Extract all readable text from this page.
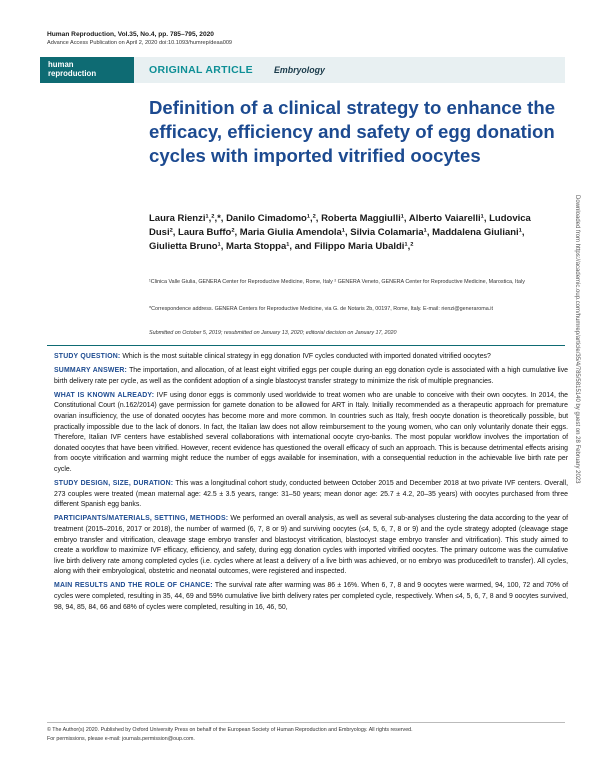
Human Reproduction, Vol.35, No.4, pp. 785–795, 2020
Advance Access Publication on April 2, 2020 doi:10.1093/humrep/deaa009
human
reproduction	ORIGINAL ARTICLE Embryology
Definition of a clinical strategy to enhance the efficacy, efficiency and safety of egg donation cycles with imported vitrified oocytes
Laura Rienzi¹,²,*, Danilo Cimadomo¹,², Roberta Maggiulli¹, Alberto Vaiarelli¹, Ludovica Dusi², Laura Buffo², Maria Giulia Amendola¹, Silvia Colamaria¹, Maddalena Giuliani¹, Giulietta Bruno¹, Marta Stoppa¹, and Filippo Maria Ubaldi¹,²
¹Clinica Valle Giulia, GENERA Center for Reproductive Medicine, Rome, Italy ² GENERA Veneto, GENERA Center for Reproductive Medicine, Marostica, Italy
*Correspondence address. GENERA Centers for Reproductive Medicine, via G. de Notaris 2b, 00197, Rome, Italy. E-mail: rienzi@generaroma.it
Submitted on October 5, 2019; resubmitted on January 13, 2020; editorial decision on January 17, 2020

STUDY QUESTION: Which is the most suitable clinical strategy in egg donation IVF cycles conducted with imported donated vitrified oocytes?

SUMMARY ANSWER: The importation, and allocation, of at least eight vitrified eggs per couple during an egg donation cycle is associated with a high cumulative live birth delivery rate per cycle, as well as the confident adoption of a single blastocyst transfer strategy to minimize the risk of multiple pregnancies.

WHAT IS KNOWN ALREADY: IVF using donor eggs is commonly used worldwide to treat women who are unable to conceive with their own oocytes. In 2014, the Constitutional Court (n.162/2014) gave permission for gamete donation to be allowed for ART in Italy. Initially recommended as a therapeutic approach for premature ovarian insufficiency, the use of donated oocytes has become more and more common. In countries such as Italy, fresh oocyte donation is theoretically possible, but practically impossible due to the lack of donors. In fact, the Italian law does not allow reimbursement to the young women, who can only voluntarily donate their eggs. Therefore, Italian IVF centers have established several collaborations with international oocyte cryo-banks. The most popular workflow involves the importation of donated oocytes that have been vitrified. However, recent evidence has questioned the overall efficacy of such an approach. This is because detrimental effects arising from oocyte vitrification and warming might reduce the number of eggs available for insemination, with a consequential reduction in the achievable live birth rate per cycle.

STUDY DESIGN, SIZE, DURATION: This was a longitudinal cohort study, conducted between October 2015 and December 2018 at two private IVF centers. Overall, 273 couples were treated (mean maternal age: 42.5 ± 3.5 years, range: 31–50 years; mean donor age: 25.7 ± 4.2, 20–35 years) with oocytes purchased from three different Spanish egg banks.

PARTICIPANTS/MATERIALS, SETTING, METHODS: We performed an overall analysis, as well as several sub-analyses clustering the data according to the year of treatment (2015–2016, 2017 or 2018), the number of warmed (6, 7, 8 or 9) and surviving oocytes (≤4, 5, 6, 7, 8 or 9) and the cycle strategy adopted (cleavage stage embryo transfer and vitrification, cleavage stage embryo transfer and blastocyst vitrification, blastocyst stage embryo transfer and vitrification). This study aimed to create a workflow to maximize IVF efficacy, efficiency, and safety, during egg donation cycles with imported vitrified oocytes. The primary outcome was the cumulative live birth delivery rate among completed cycles (i.e. cycles where at least a delivery of a live birth was achieved, or no embryo was produced/left to transfer). All cycles, along with their embryological, obstetric and neonatal outcomes, were registered and inspected.

MAIN RESULTS AND THE ROLE OF CHANCE: The survival rate after warming was 86 ± 16%. When 6, 7, 8 and 9 oocytes were warmed, 94, 100, 72 and 70% of cycles were completed, resulting in 35, 44, 69 and 59% cumulative live birth delivery rates per completed cycle, respectively. When ≤4, 5, 6, 7, 8 and 9 oocytes survived, 98, 94, 85, 84, 66 and 68% of cycles were completed, resulting in 16, 46, 50,

© The Author(s) 2020. Published by Oxford University Press on behalf of the European Society of Human Reproduction and Embryology. All rights reserved.
For permissions, please e-mail: journals.permission@oup.com.
Downloaded from https://academic.oup.com/humrep/article/35/4/785/5815140 by guest on 28 February 2023
